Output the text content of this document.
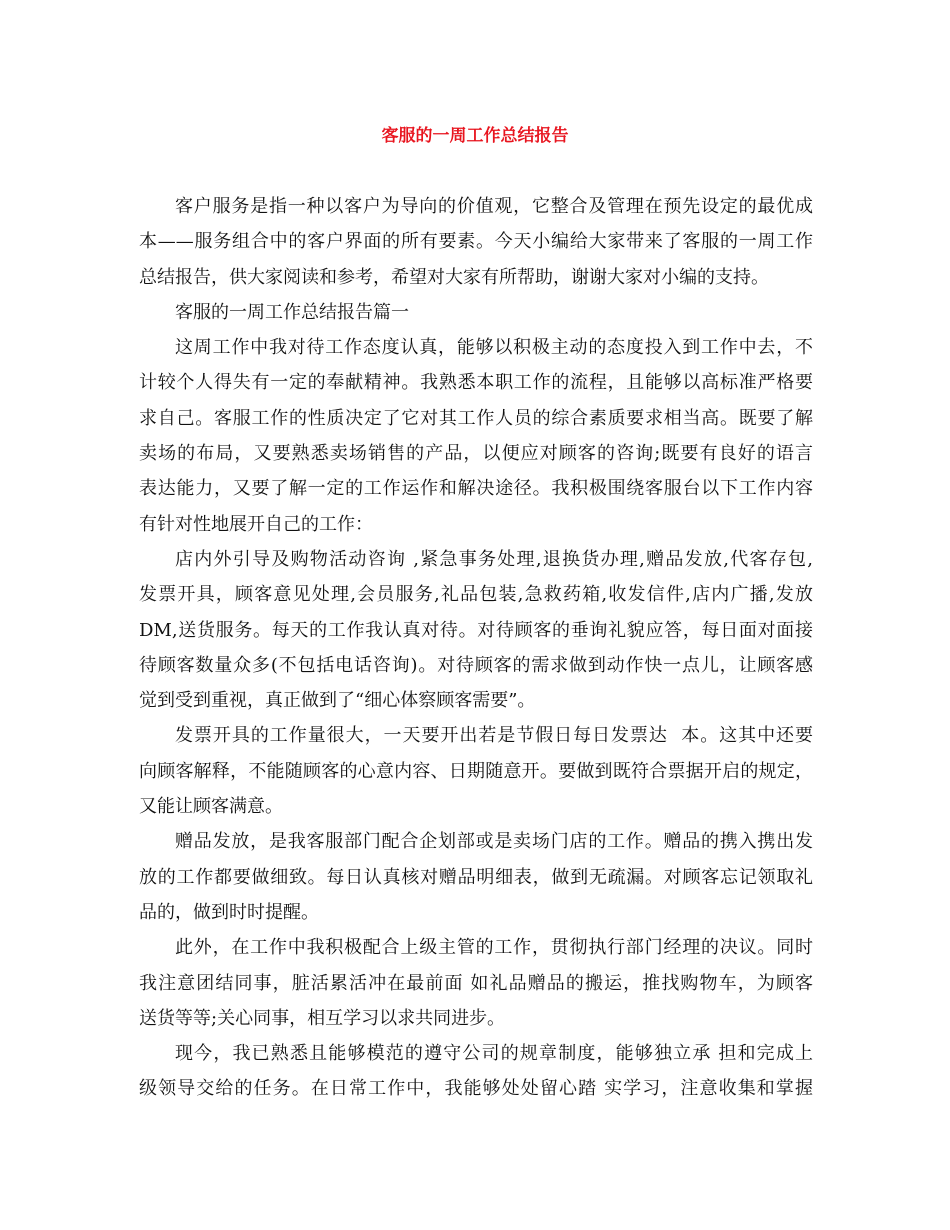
客服的一周工作总结报告
客户服务是指一种以客户为导向的价值观，它整合及管理在预先设定的最优成
本——服务组合中的客户界面的所有要素。今天小编给大家带来了客服的一周工作
总结报告，供大家阅读和参考，希望对大家有所帮助，谢谢大家对小编的支持。
客服的一周工作总结报告篇一
这周工作中我对待工作态度认真，能够以积极主动的态度投入到工作中去，不
计较个人得失有一定的奉献精神。我熟悉本职工作的流程，且能够以高标准严格要
求自己。客服工作的性质决定了它对其工作人员的综合素质要求相当高。既要了解
卖场的布局，又要熟悉卖场销售的产品，以便应对顾客的咨询;既要有良好的语言
表达能力，又要了解一定的工作运作和解决途径。我积极围绕客服台以下工作内容
有针对性地展开自己的工作：
店内外引导及购物活动咨询 ,紧急事务处理,退换货办理,赠品发放,代客存包,
发票开具，顾客意见处理,会员服务,礼品包装,急救药箱,收发信件,店内广播,发放
DM,送货服务。每天的工作我认真对待。对待顾客的垂询礼貌应答，每日面对面接
待顾客数量众多(不包括电话咨询)。对待顾客的需求做到动作快一点儿，让顾客感
觉到受到重视，真正做到了“细心体察顾客需要”。
发票开具的工作量很大，一天要开出若是节假日每日发票达  本。这其中还要
向顾客解释，不能随顾客的心意内容、日期随意开。要做到既符合票据开启的规定，
又能让顾客满意。
赠品发放，是我客服部门配合企划部或是卖场门店的工作。赠品的携入携出发
放的工作都要做细致。每日认真核对赠品明细表，做到无疏漏。对顾客忘记领取礼
品的，做到时时提醒。
此外，在工作中我积极配合上级主管的工作，贯彻执行部门经理的决议。同时
我注意团结同事，脏活累活冲在最前面 如礼品赠品的搬运，推找购物车，为顾客
送货等等;关心同事，相互学习以求共同进步。
现今，我已熟悉且能够模范的遵守公司的规章制度，能够独立承 担和完成上
级领导交给的任务。在日常工作中，我能够处处留心踏 实学习，注意收集和掌握
